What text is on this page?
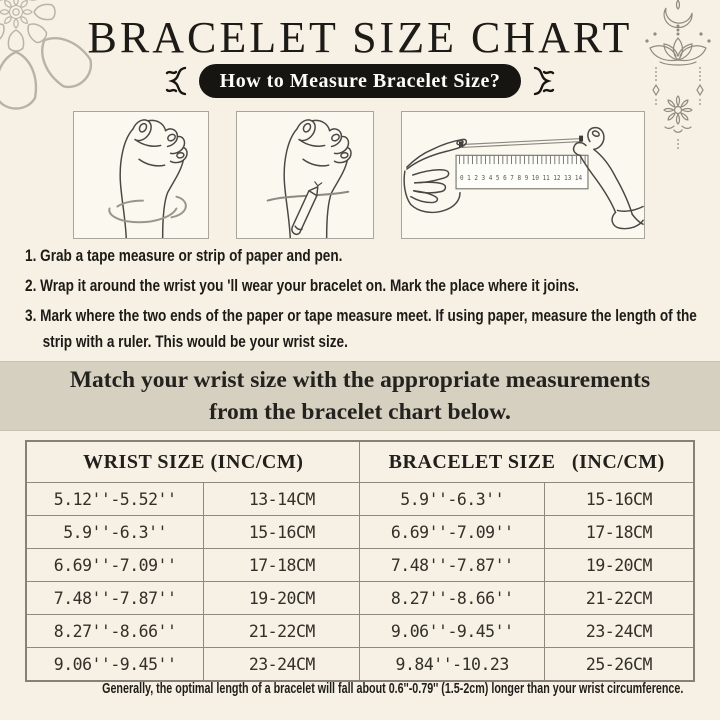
BRACELET SIZE CHART
How to Measure Bracelet Size?
0 1 2 3 4 5 6 7 8 9 10 11 12 13 14
1. Grab a tape measure or strip of paper and pen.
2. Wrap it around the wrist you 'll wear your bracelet on. Mark the place where it joins.
3. Mark where the two ends of the paper or tape measure meet. If using paper, measure the length of the strip with a ruler. This would be your wrist size.
Match your wrist size with the appropriate measurements
from the bracelet chart below.
WRIST SIZE (INC/CM)		BRACELET SIZE   (INC/CM)	
5.12''-5.52''	13-14CM	5.9''-6.3''	15-16CM
5.9''-6.3''	15-16CM	6.69''-7.09''	17-18CM
6.69''-7.09''	17-18CM	7.48''-7.87''	19-20CM
7.48''-7.87''	19-20CM	8.27''-8.66''	21-22CM
8.27''-8.66''	21-22CM	9.06''-9.45''	23-24CM
9.06''-9.45''	23-24CM	9.84''-10.23	25-26CM
Generally, the optimal length of a bracelet will fall about 0.6''-0.79'' (1.5-2cm) longer than your wrist circumference.
